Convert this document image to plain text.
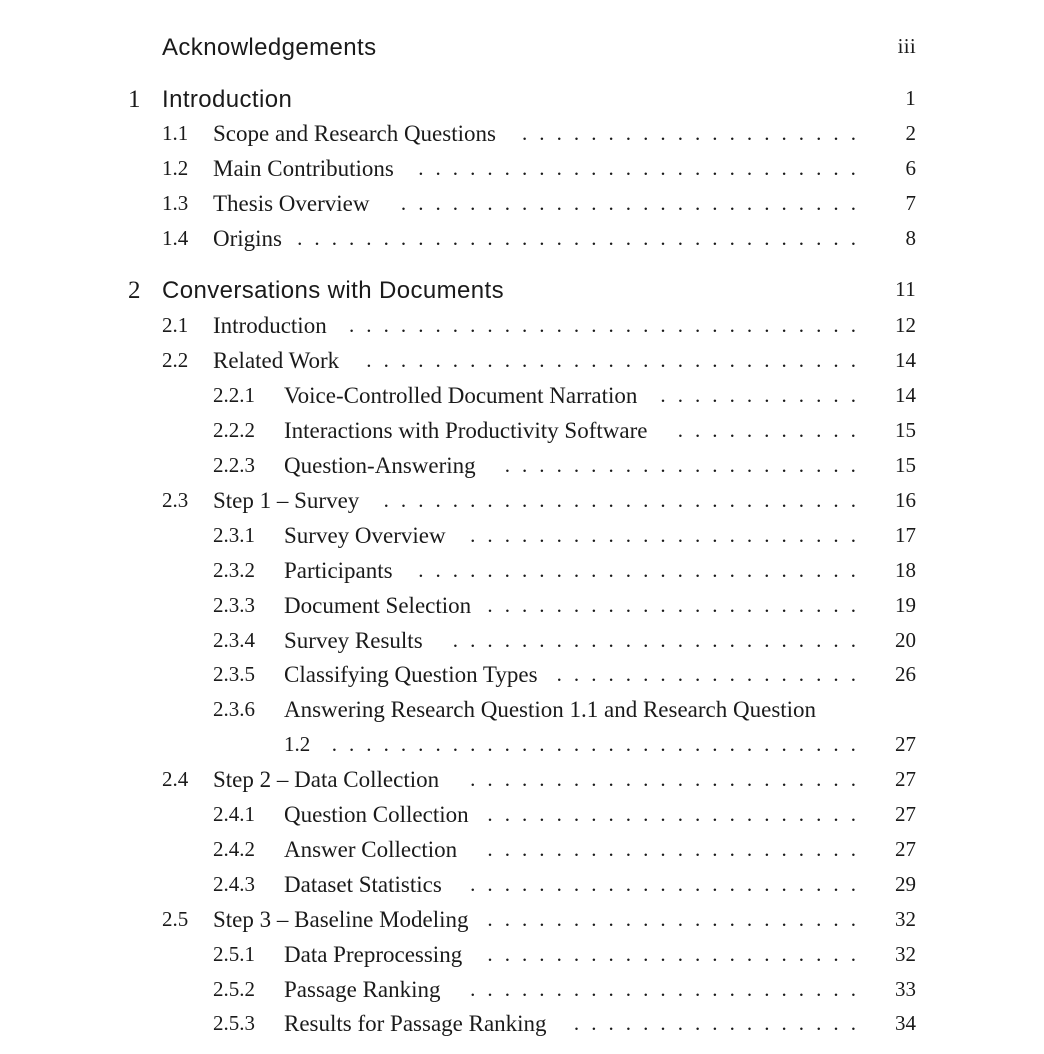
Acknowledgements	iii
1 Introduction	1
1.1 Scope and Research Questions	2
....................
1.2 Main Contributions	6
..........................
1.3 Thesis Overview	7
...........................
1.4 Origins	8
.................................
2 Conversations with Documents	11
2.1 Introduction	12
..............................
2.2 Related Work	14
.............................
2.2.1 Voice-Controlled Document Narration	14
............
2.2.2 Interactions with Productivity Software	15
...........
2.2.3 Question-Answering	15
.....................
2.3 Step 1 – Survey	16
............................
2.3.1 Survey Overview	17
.......................
2.3.2 Participants	18
..........................
2.3.3 Document Selection	19
......................
2.3.4 Survey Results	20
........................
2.3.5 Classifying Question Types	26
..................
2.3.6 Answering Research Question 1.1 and Research Question
1.2	27
...............................
2.4 Step 2 – Data Collection	27
.......................
2.4.1 Question Collection	27
......................
2.4.2 Answer Collection	27
......................
2.4.3 Dataset Statistics	29
.......................
2.5 Step 3 – Baseline Modeling	32
......................
2.5.1 Data Preprocessing	32
......................
2.5.2 Passage Ranking	33
.......................
2.5.3 Results for Passage Ranking	34
.................
